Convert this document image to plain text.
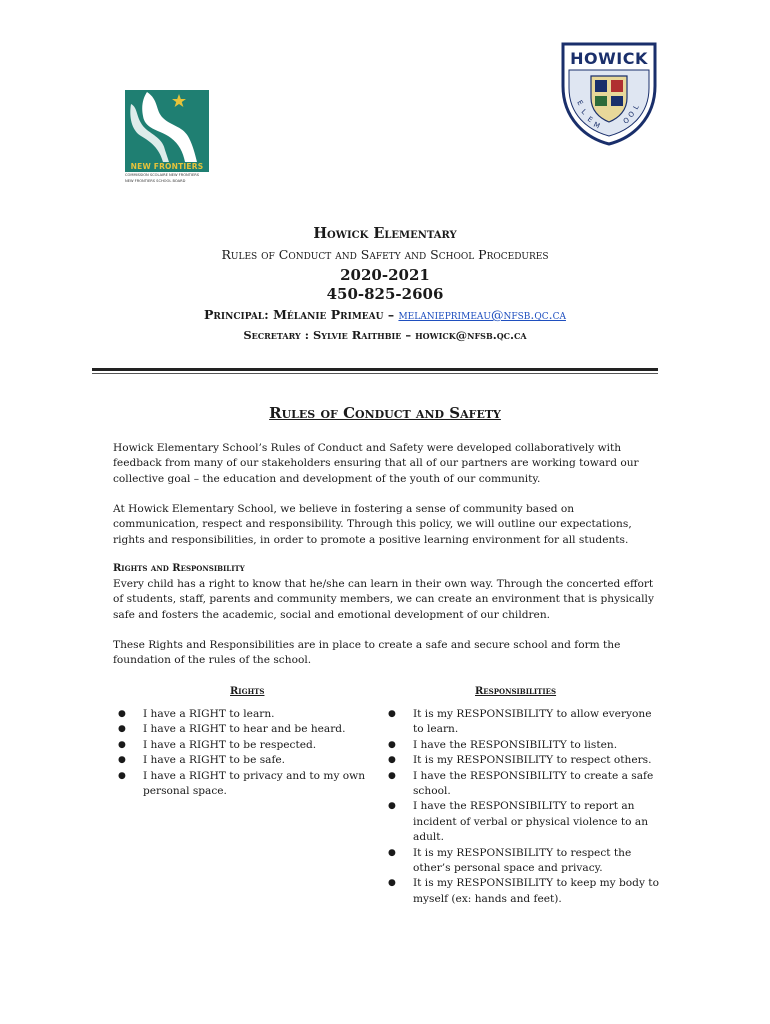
NEW FRONTIERS
COMMISSION SCOLAIRE NEW FRONTIERS
NEW FRONTIERS SCHOOL BOARD
E
L
E
M	O
O
L
HOWICK
Howick Elementary
Rules of Conduct and Safety and School Procedures
2020-2021
450-825-2606
Principal: Mélanie Primeau – melanieprimeau@nfsb.qc.ca
Secretary : Sylvie Raithbie – howick@nfsb.qc.ca
Rules of Conduct and Safety
Howick Elementary School’s Rules of Conduct and Safety were developed collaboratively with feedback from many of our stakeholders ensuring that all of our partners are working toward our collective goal – the education and development of the youth of our community.
At Howick Elementary School, we believe in fostering a sense of community based on communication, respect and responsibility. Through this policy, we will outline our expectations, rights and responsibilities, in order to promote a positive learning environment for all students.
Rights and Responsibility
Every child has a right to know that he/she can learn in their own way. Through the concerted effort of students, staff, parents and community members, we can create an environment that is physically safe and fosters the academic, social and emotional development of our children.
These Rights and Responsibilities are in place to create a safe and secure school and form the foundation of the rules of the school.
Rights	Responsibilities
● I have a RIGHT to learn.
● I have a RIGHT to hear and be heard.
● I have a RIGHT to be respected.
● I have a RIGHT to be safe.
● I have a RIGHT to privacy and to my own personal space.
● It is my RESPONSIBILITY to allow everyone to learn.
● I have the RESPONSIBILITY to listen.
● It is my RESPONSIBILITY to respect others.
● I have the RESPONSIBILITY to create a safe school.
● I have the RESPONSIBILITY to report an incident of verbal or physical violence to an adult.
● It is my RESPONSIBILITY to respect the other’s personal space and privacy.
● It is my RESPONSIBILITY to keep my body to myself (ex: hands and feet).
